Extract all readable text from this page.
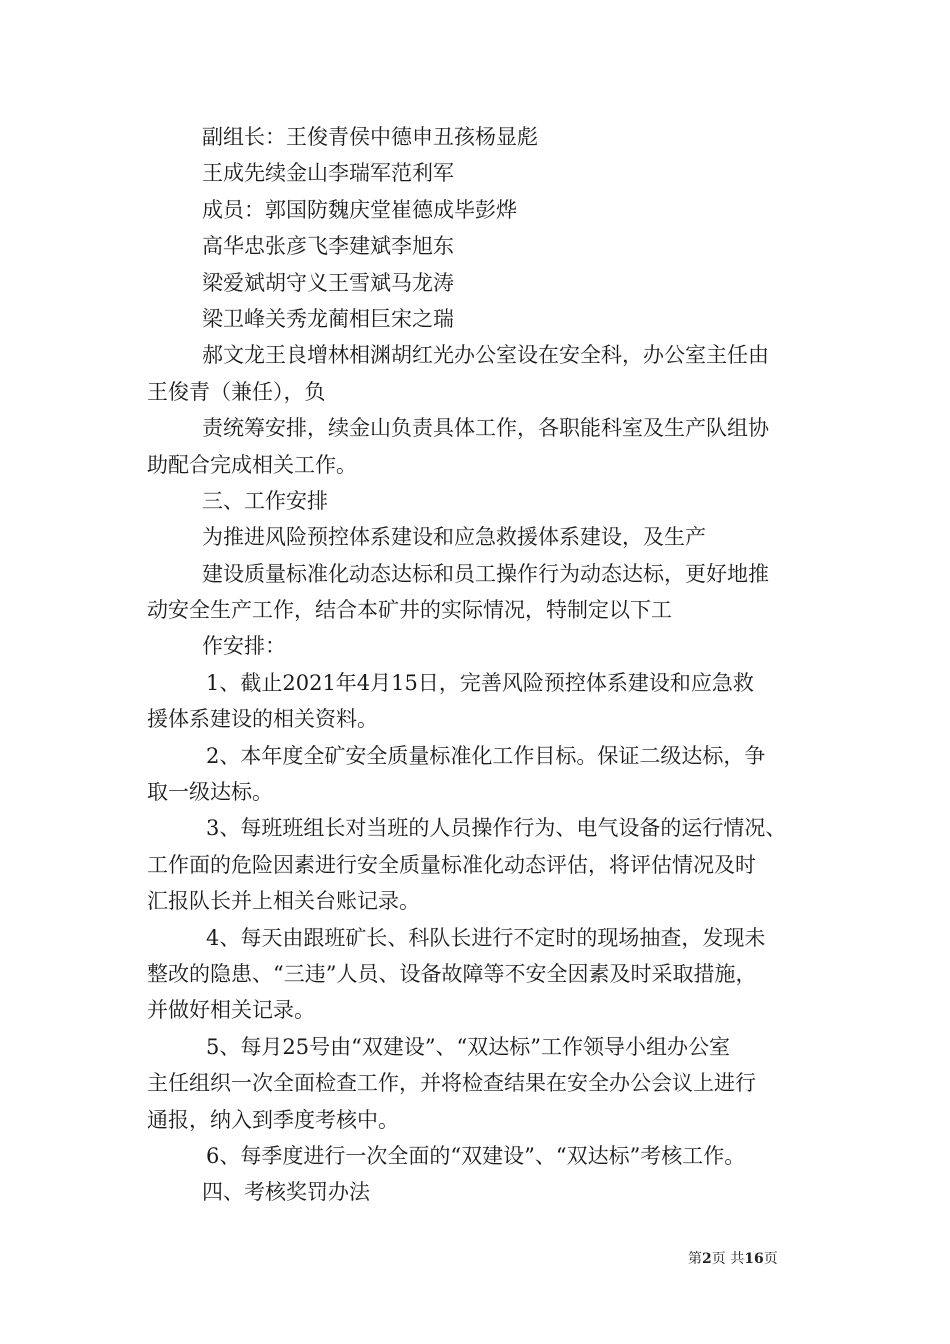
副组长：王俊青侯中德申丑孩杨显彪
王成先续金山李瑞军范利军
成员：郭国防魏庆堂崔德成毕彭烨
高华忠张彦飞李建斌李旭东
梁爱斌胡守义王雪斌马龙涛
梁卫峰关秀龙蔺相巨宋之瑞
郝文龙王良增林相渊胡红光办公室设在安全科，办公室主任由
王俊青（兼任），负
责统筹安排，续金山负责具体工作，各职能科室及生产队组协
助配合完成相关工作。
三、工作安排
为推进风险预控体系建设和应急救援体系建设，及生产
建设质量标准化动态达标和员工操作行为动态达标，更好地推
动安全生产工作，结合本矿井的实际情况，特制定以下工
作安排：
1、截止2021年4月15日，完善风险预控体系建设和应急救
援体系建设的相关资料。
2、本年度全矿安全质量标准化工作目标。保证二级达标，争
取一级达标。
3、每班班组长对当班的人员操作行为、电气设备的运行情况、
工作面的危险因素进行安全质量标准化动态评估，将评估情况及时
汇报队长并上相关台账记录。
4、每天由跟班矿长、科队长进行不定时的现场抽查，发现未
整改的隐患、“三违”人员、设备故障等不安全因素及时采取措施，
并做好相关记录。
5、每月25号由“双建设”、“双达标”工作领导小组办公室
主任组织一次全面检查工作，并将检查结果在安全办公会议上进行
通报，纳入到季度考核中。
6、每季度进行一次全面的“双建设”、“双达标”考核工作。
四、考核奖罚办法
第2页 共16页
